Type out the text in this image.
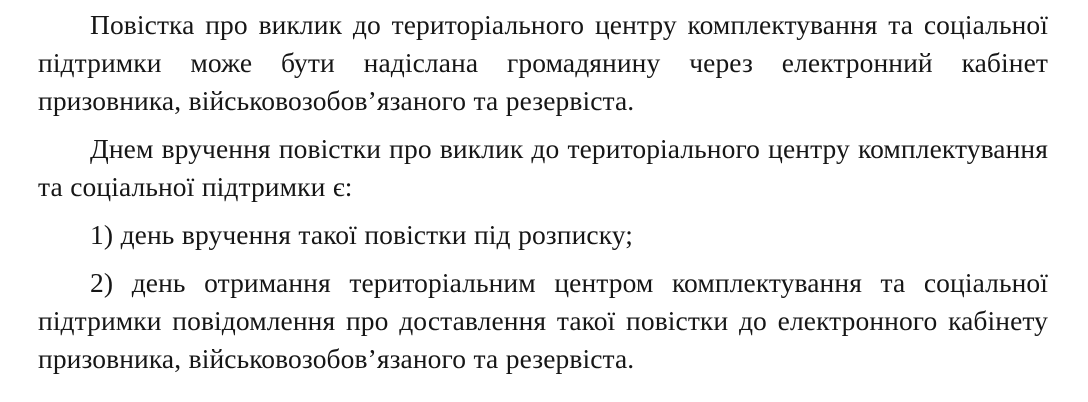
Повістка про виклик до територіального центру комплектування та соціальної підтримки може бути надіслана громадянину через електронний кабінет призовника, військовозобов’язаного та резервіста.

Днем вручення повістки про виклик до територіального центру комплектування та соціальної підтримки є:

1) день вручення такої повістки під розписку;

2) день отримання територіальним центром комплектування та соціальної підтримки повідомлення про доставлення такої повістки до електронного кабінету призовника, військовозобов’язаного та резервіста.
